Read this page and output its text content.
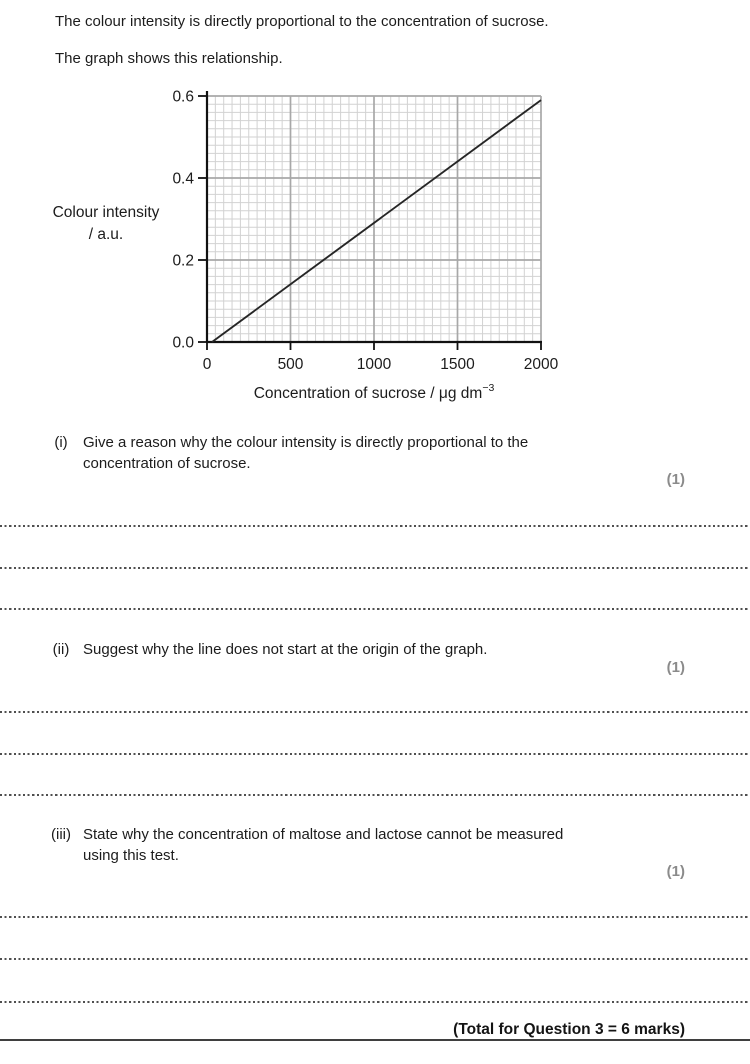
The colour intensity is directly proportional to the concentration of sucrose.

The graph shows this relationship.

0	500	1000	1500	2000
0.0
0.2
0.4
0.6
Colour intensity
/ a.u.
Concentration of sucrose / μg $dm^{-3}$
(i)	Give a reason why the colour intensity is directly proportional to the
concentration of sucrose.
(1)
(ii) Suggest why the line does not start at the origin of the graph.
(1)
(iii) State why the concentration of maltose and lactose cannot be measured
using this test.
(1)
(Total for Question 3 = 6 marks)
